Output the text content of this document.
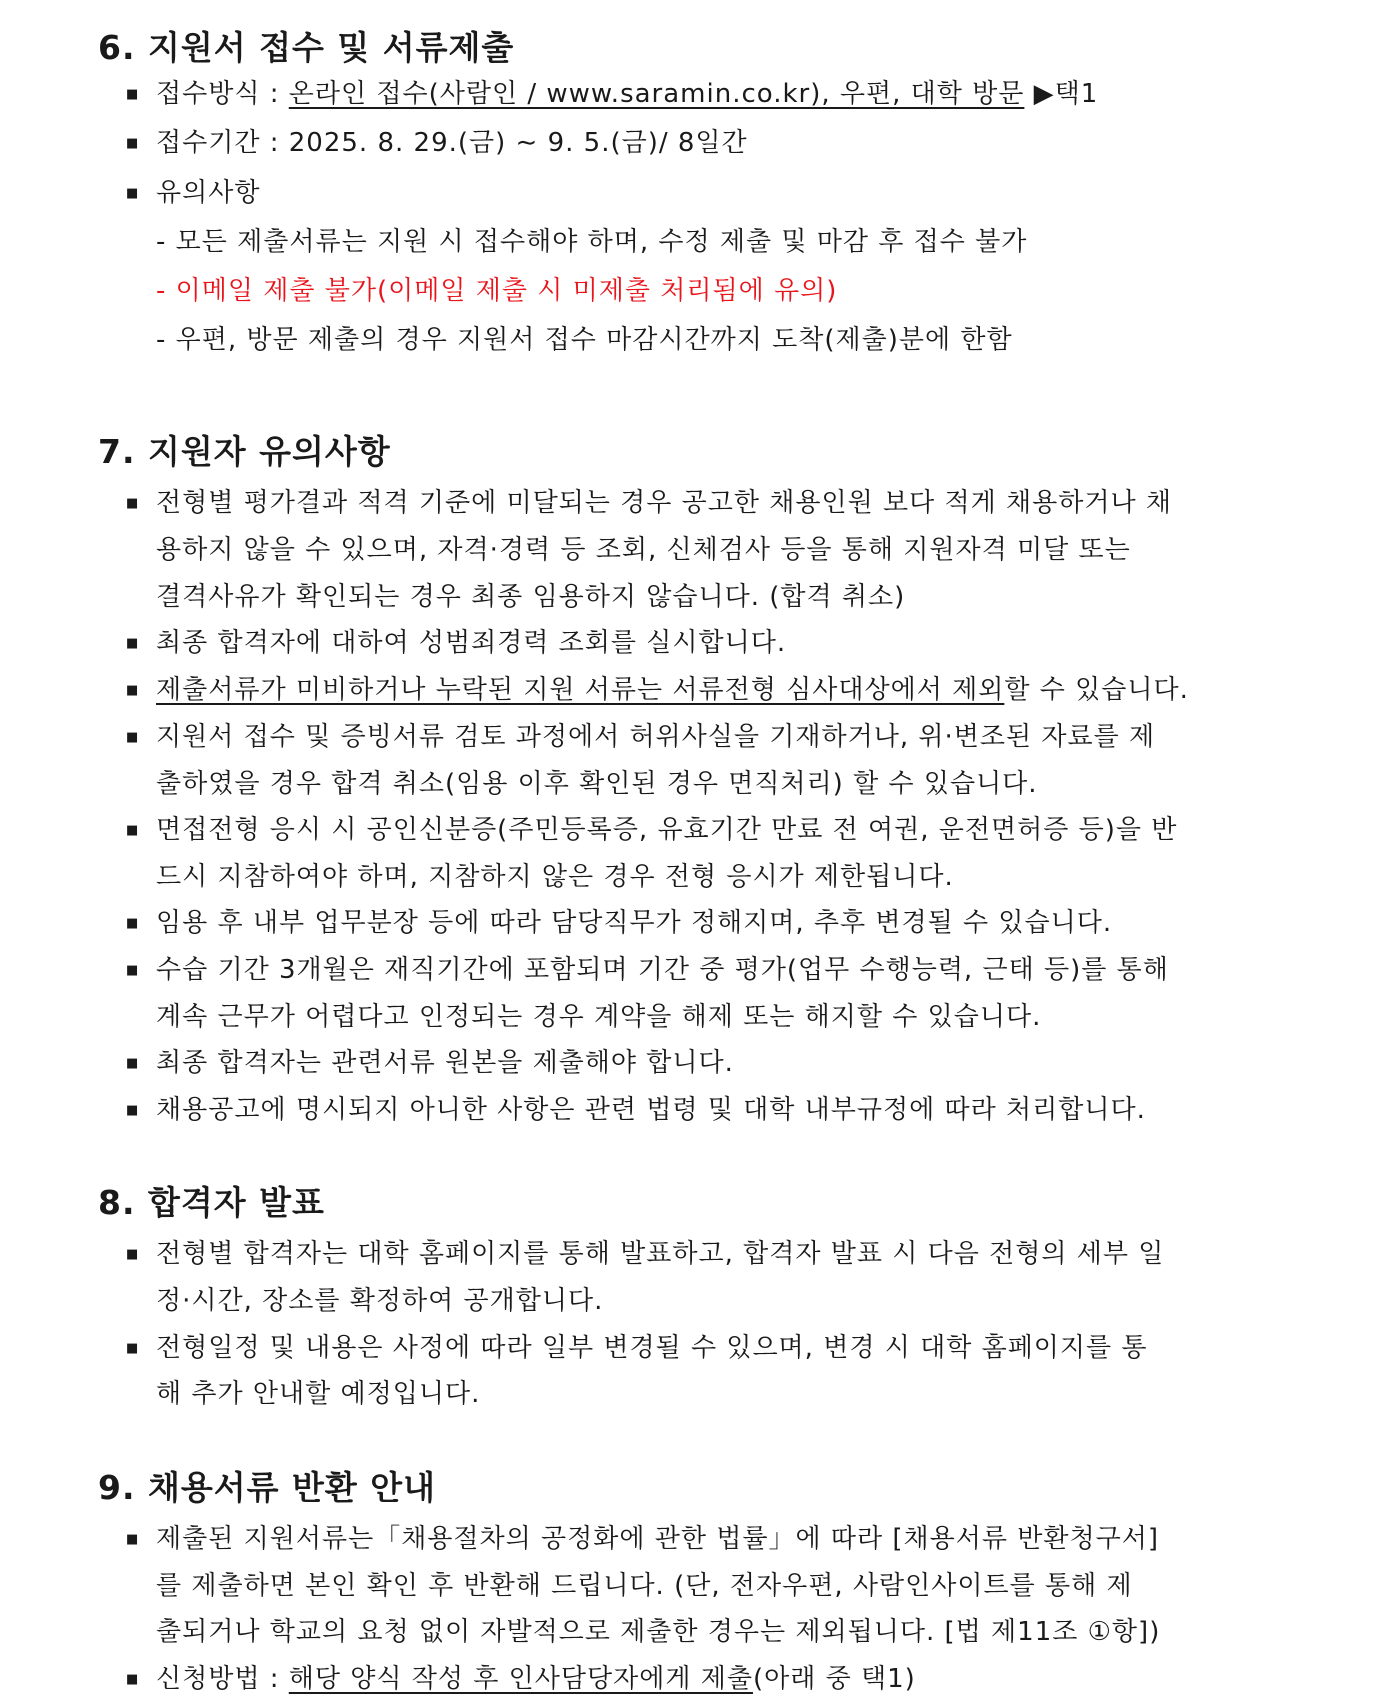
6. 지원서 접수 및 서류제출
■ 접수방식 : 온라인 접수(사람인 / www.saramin.co.kr), 우편, 대학 방문 ▶택1
■ 접수기간 : 2025. 8. 29.(금) ∼ 9. 5.(금)/ 8일간
■ 유의사항
- 모든 제출서류는 지원 시 접수해야 하며, 수정 제출 및 마감 후 접수 불가
- 이메일 제출 불가(이메일 제출 시 미제출 처리됨에 유의)
- 우편, 방문 제출의 경우 지원서 접수 마감시간까지 도착(제출)분에 한함
7. 지원자 유의사항
■ 전형별 평가결과 적격 기준에 미달되는 경우 공고한 채용인원 보다 적게 채용하거나 채
용하지 않을 수 있으며, 자격·경력 등 조회, 신체검사 등을 통해 지원자격 미달 또는
결격사유가 확인되는 경우 최종 임용하지 않습니다. (합격 취소)
■ 최종 합격자에 대하여 성범죄경력 조회를 실시합니다.
■ 제출서류가 미비하거나 누락된 지원 서류는 서류전형 심사대상에서 제외할 수 있습니다.
■ 지원서 접수 및 증빙서류 검토 과정에서 허위사실을 기재하거나, 위·변조된 자료를 제
출하였을 경우 합격 취소(임용 이후 확인된 경우 면직처리) 할 수 있습니다.
■ 면접전형 응시 시 공인신분증(주민등록증, 유효기간 만료 전 여권, 운전면허증 등)을 반
드시 지참하여야 하며, 지참하지 않은 경우 전형 응시가 제한됩니다.
■ 임용 후 내부 업무분장 등에 따라 담당직무가 정해지며, 추후 변경될 수 있습니다.
■ 수습 기간 3개월은 재직기간에 포함되며 기간 중 평가(업무 수행능력, 근태 등)를 통해
계속 근무가 어렵다고 인정되는 경우 계약을 해제 또는 해지할 수 있습니다.
■ 최종 합격자는 관련서류 원본을 제출해야 합니다.
■ 채용공고에 명시되지 아니한 사항은 관련 법령 및 대학 내부규정에 따라 처리합니다.
8. 합격자 발표
■ 전형별 합격자는 대학 홈페이지를 통해 발표하고, 합격자 발표 시 다음 전형의 세부 일
정·시간, 장소를 확정하여 공개합니다.
■ 전형일정 및 내용은 사정에 따라 일부 변경될 수 있으며, 변경 시 대학 홈페이지를 통
해 추가 안내할 예정입니다.
9. 채용서류 반환 안내
■ 제출된 지원서류는「채용절차의 공정화에 관한 법률」에 따라 [채용서류 반환청구서]
를 제출하면 본인 확인 후 반환해 드립니다. (단, 전자우편, 사람인사이트를 통해 제
출되거나 학교의 요청 없이 자발적으로 제출한 경우는 제외됩니다. [법 제11조 ①항])
■ 신청방법 : 해당 양식 작성 후 인사담당자에게 제출(아래 중 택1)
